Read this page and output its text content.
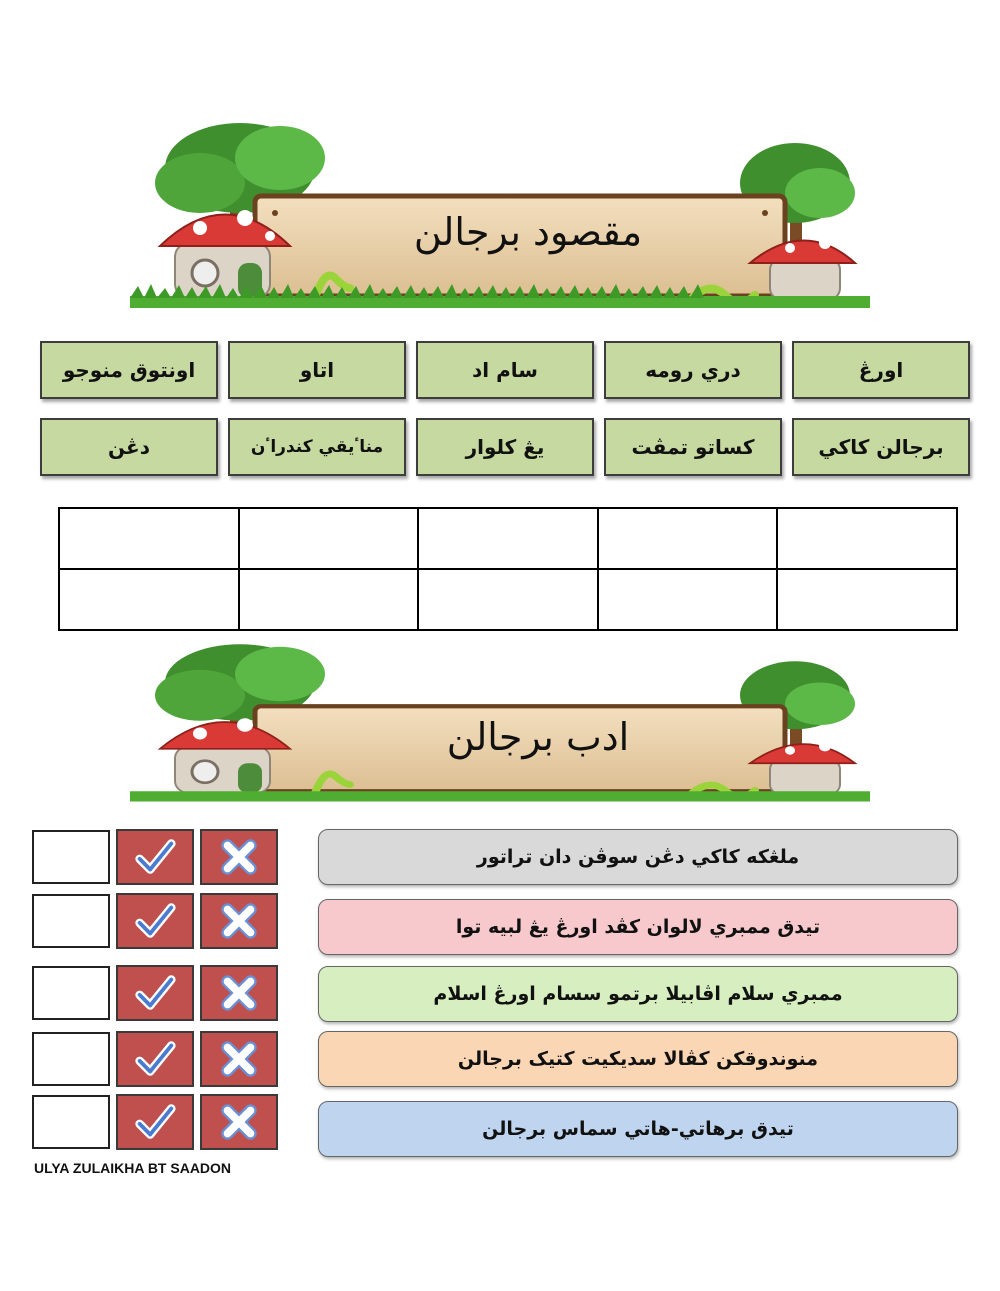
مقصود برجالن
اورڠ
دري رومه
سام اد
اتاو
اونتوق منوجو
برجالن كاكي
كساتو تمڤت
يڠ كلوار
مناٴيقي كندراٴن
دڠن

ادب برجالن
ملڠكه كاكي دڠن سوڤن دان تراتور
تيدق ممبري لالوان كڤد اورڠ يڠ لبيه توا
ممبري سلام اڤابيلا برتمو سسام اورڠ اسلام
منوندوقكن كڤالا سديكيت كتيک برجالن
تيدق برهاتي-هاتي سماس برجالن
ULYA ZULAIKHA BT SAADON
